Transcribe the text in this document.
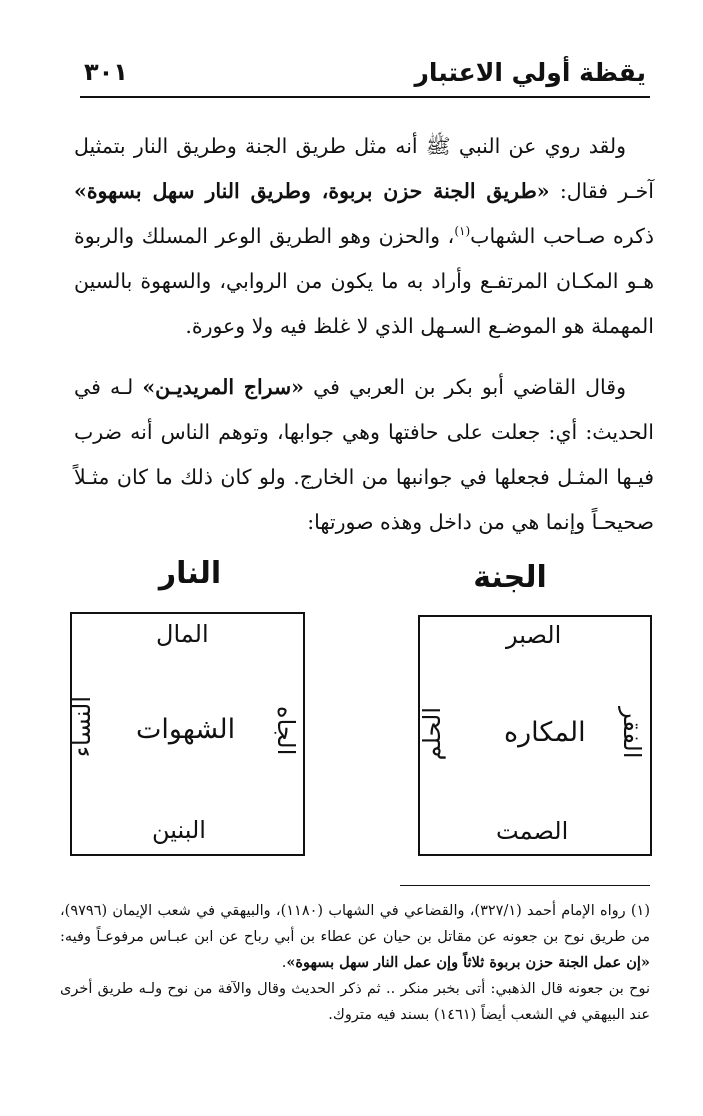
يقظة أولي الاعتبار
٣٠١

ولقد روي عن النبي ﷺ أنه مثل طريق الجنة وطريق النار بتمثيل آخـر فقال: «طريق الجنة حزن بربوة، وطريق النار سهل بسهوة» ذكره صـاحب الشهاب$^{(١)}$، والحزن وهو الطريق الوعر المسلك والربوة هـو المكـان المرتفـع وأراد به ما يكون من الروابي، والسهوة بالسين المهملة هو الموضـع السـهل الذي لا غلظ فيه ولا وعورة.

وقال القاضي أبو بكر بن العربي في «سراج المريديـن» لـه في الحديث: أي: جعلت على حافتها وهي جوابها، وتوهم الناس أنه ضرب فيـها المثـل فجعلها في جوانبها من الخارج. ولو كان ذلك ما كان مثـلاً صحيحـاً وإنما هي من داخل وهذه صورتها:

النار	الجنة
المال
الشهوات
النساء	الجاه
البنين
الصبر
المكاره
الحلم	الفقر
الصمت

(١) رواه الإمام أحمد (٣٢٧/١)، والقضاعي في الشهاب (١١٨٠)، والبيهقي في شعب الإيمان (٩٧٩٦)، من طريق نوح بن جعونه عن مقاتل بن حيان عن عطاء بن أبي رباح عن ابن عبـاس مرفوعـاً وفيه: «إن عمل الجنة حزن بربوة ثلاثاً وإن عمل النار سهل بسهوة».
نوح بن جعونه قال الذهبي: أتى بخبر منكر .. ثم ذكر الحديث وقال والآفة من نوح ولـه طريق أخرى عند البيهقي في الشعب أيضاً (١٤٦١) بسند فيه متروك.
